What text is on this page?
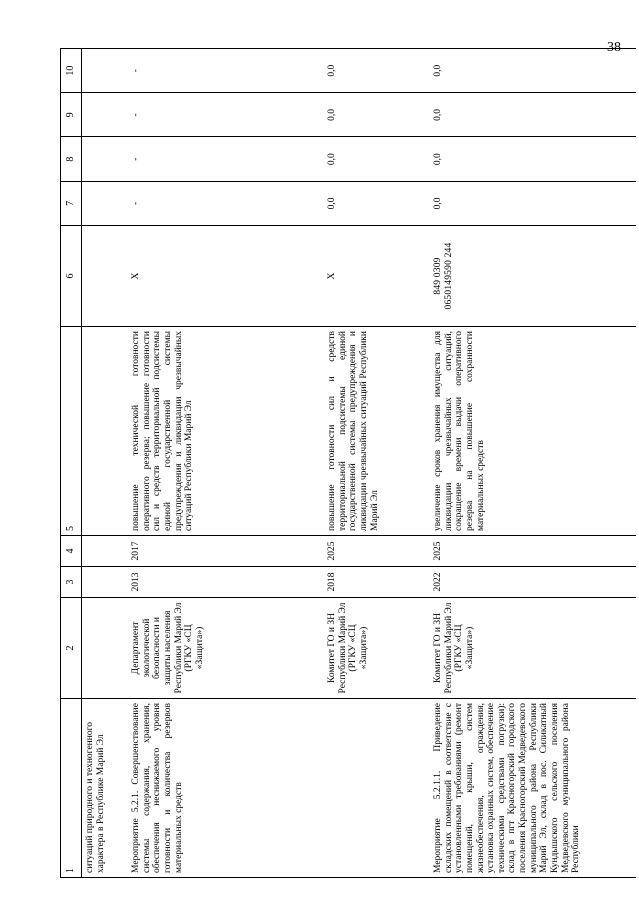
38
1	2	3	4	5	6	7	8	9	10
ситуаций природного и техногенного характера в Республике Марий Эл									
Мероприятие 5.2.1. Совершенствование системы содержания, хранения, обеспечения неснижаемого уровня готовности и количества резервов материальных средств	Департамент экологической безопасности и защиты населения Республики Марий Эл (РГКУ «СЦ «Защита»)	2013	2017	повышение технической готовности оперативного резерва; повышение готовности сил и средств территориальной подсистемы единой государственной системы предупреждения и ликвидации чрезвычайных ситуаций Республики Марий Эл	Х	-	-	-	-
	Комитет ГО и ЗН Республики Марий Эл (РГКУ «СЦ «Защита»)	2018	2025	повышение готовности сил и средств территориальной подсистемы единой государственной системы предупреждения и ликвидации чрезвычайных ситуаций Республики Марий Эл	Х	0,0	0,0	0,0	0,0
Мероприятие 5.2.1.1. Приведение складских помещений в соответствие с установленными требованиями (ремонт помещений, крыши, систем жизнеобеспечения, ограждения, установка охранных систем, обеспечение техническими средствами погрузки): склад в пгт Красногорский городского поселения Красногорский Медведевского муниципального района Республики Марий Эл, склад в пос. Силикатный Кундышского сельского поселения Медведевского муниципального района Республики	Комитет ГО и ЗН Республики Марий Эл (РГКУ «СЦ «Защита»)	2022	2025	увеличение сроков хранения имущества для ликвидации чрезвычайных ситуаций, сокращение времени выдачи оперативного резерва на повышение сохранности материальных средств	849 0309 0650149590 244	0,0	0,0	0,0	0,0
